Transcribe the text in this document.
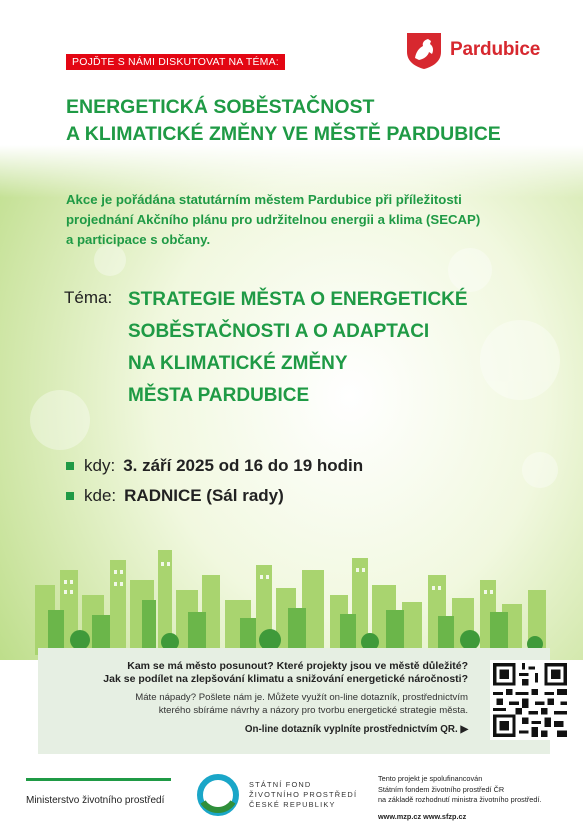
Pardubice
POJĎTE S NÁMI DISKUTOVAT NA TÉMA:
ENERGETICKÁ SOBĚSTAČNOST
A KLIMATICKÉ ZMĚNY VE MĚSTĚ PARDUBICE
Akce je pořádána statutárním městem Pardubice při příležitosti
projednání Akčního plánu pro udržitelnou energii a klima (SECAP)
a participace s občany.
Téma: STRATEGIE MĚSTA O ENERGETICKÉ
SOBĚSTAČNOSTI A O ADAPTACI
NA KLIMATICKÉ ZMĚNY
MĚSTA PARDUBICE
kdy: 3. září 2025 od 16 do 19 hodin
kde: RADNICE (Sál rady)
Kam se má město posunout? Které projekty jsou ve městě důležité?
Jak se podílet na zlepšování klimatu a snižování energetické náročnosti?
Máte nápady? Pošlete nám je. Můžete využít on-line dotazník, prostřednictvím
kterého sbíráme návrhy a názory pro tvorbu energetické strategie města.
On-line dotazník vyplníte prostřednictvím QR. ▶
Ministerstvo životního prostředí
STÁTNÍ FOND
ŽIVOTNÍHO PROSTŘEDÍ
ČESKÉ REPUBLIKY
Tento projekt je spolufinancován
Státním fondem životního prostředí ČR
na základě rozhodnutí ministra životního prostředí.
www.mzp.cz www.sfzp.cz
